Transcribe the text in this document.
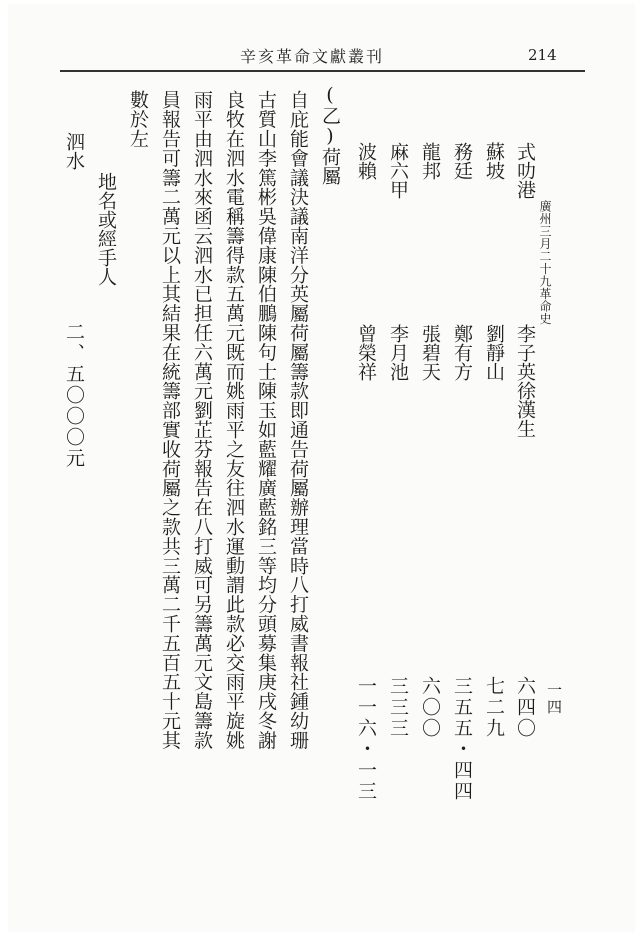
辛亥革命文獻叢刊	214
廣州三月二十九革命史
一四
式叻港
李子英徐漢生
六四〇
蘇坡
劉靜山
七二九
務廷
鄭有方
三五五・四四
龍邦
張碧天
六〇〇
麻六甲
李月池
三三三
波賴
曾榮祥
一一六・一三
(乙)荷屬
自庇能會議決議南洋分英屬荷屬籌款即通告荷屬辦理當時八打威書報社鍾幼珊
古質山李篤彬吳偉康陳伯鵬陳句士陳玉如藍耀廣藍銘三等均分頭募集庚戌冬謝
良牧在泗水電稱籌得款五萬元既而姚雨平之友往泗水運動謂此款必交雨平旋姚
雨平由泗水來函云泗水已担任六萬元劉芷芬報告在八打威可另籌萬元文島籌款
員報告可籌二萬元以上其結果在統籌部實收荷屬之款共三萬二千五百五十元其
數於左
地名或經手人
泗水
二、五〇〇〇元
